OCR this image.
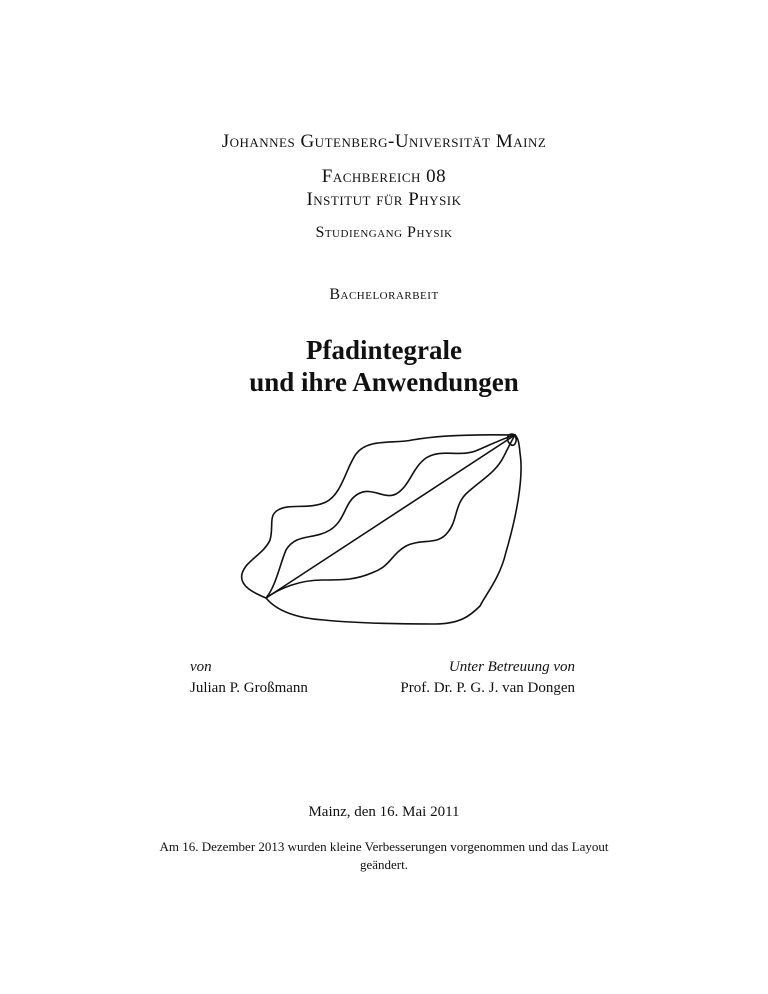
Johannes Gutenberg-Universität Mainz
Fachbereich 08
Institut für Physik
Studiengang Physik
Bachelorarbeit
Pfadintegrale
und ihre Anwendungen
von
Julian P. Großmann
Unter Betreuung von
Prof. Dr. P. G. J. van Dongen
Mainz, den 16. Mai 2011
Am 16. Dezember 2013 wurden kleine Verbesserungen vorgenommen und das Layout
geändert.
